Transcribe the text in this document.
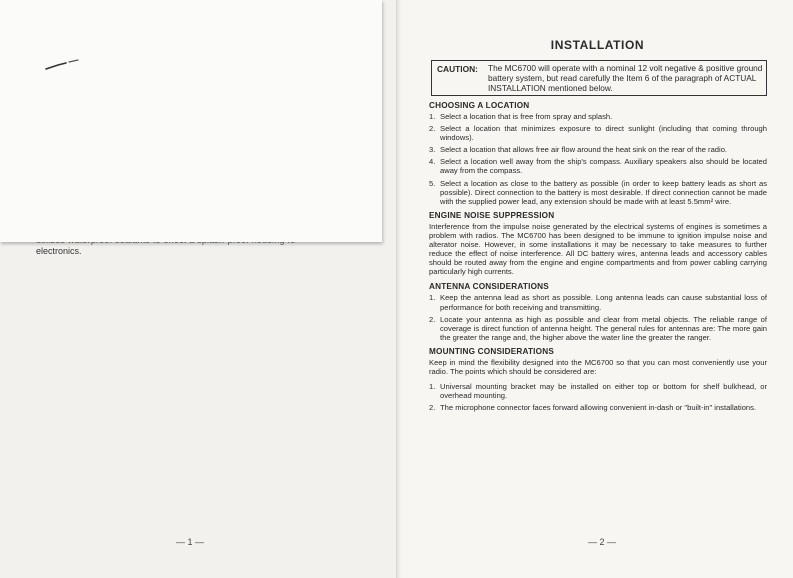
electronics.
— 1 —
INSTALLATION
CAUTION: The MC6700 will operate with a nominal 12 volt negative & positive ground battery system, but read carefully the Item 6 of the paragraph of ACTUAL INSTALLATION mentioned below.
CHOOSING A LOCATION
1. Select a location that is free from spray and splash.
2. Select a location that minimizes exposure to direct sunlight (including that coming through windows).
3. Select a location that allows free air flow around the heat sink on the rear of the radio.
4. Select a location well away from the ship's compass. Auxiliary speakers also should be located away from the compass.
5. Select a location as close to the battery as possible (in order to keep battery leads as short as possible). Direct connection to the battery is most desirable. If direct connection cannot be made with the supplied power lead, any extension should be made with at least 5.5mm² wire.
ENGINE NOISE SUPPRESSION

Interference from the impulse noise generated by the electrical systems of engines is sometimes a problem with radios. The MC6700 has been designed to be immune to ignition impulse noise and alterator noise. However, in some installations it may be necessary to take measures to further reduce the effect of noise interference. All DC battery wires, antenna leads and accessory cables should be routed away from the engine and engine compartments and from power cabling carrying particularly high currents.

ANTENNA CONSIDERATIONS
1. Keep the antenna lead as short as possible. Long antenna leads can cause substantial loss of performance for both receiving and transmitting.
2. Locate your antenna as high as possible and clear from metal objects. The reliable range of coverage is direct function of antenna height. The general rules for antennas are: The more gain the greater the range and, the higher above the water line the greater the ranger.
MOUNTING CONSIDERATIONS

Keep in mind the flexibility designed into the MC6700 so that you can most conveniently use your radio. The points which should be considered are:

1. Universal mounting bracket may be installed on either top or bottom for shelf bulkhead, or overhead mounting.
2. The microphone connector faces forward allowing convenient in-dash or "built-in" installations.
— 2 —
